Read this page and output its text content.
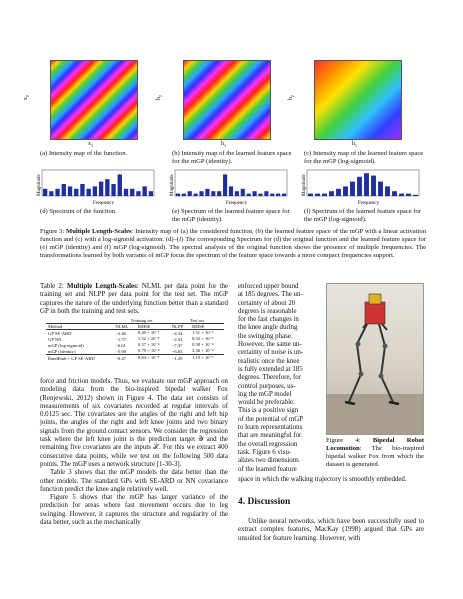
$x_2$
$x_1$
(a) Intensity map of the function.
$h_2$
$h_1$
(b) Intensity map of the learned feature space for the mGP (identity).
$h_2$
$h_1$
(c) Intensity map of the learned feature space for the mGP (log-sigmoid).
Magnitude
Frequency
(d) Spectrum of the function.
Magnitude
Frequency
(e) Spectrum of the learned feature space for the mGP (identity).
Magnitude
Frequency
(f) Spectrum of the learned feature space for the mGP (log-sigmoid).
Figure 3: Multiple Length-Scales: Intensity map of (a) the considered function, (b) the learned feature space of the mGP with a linear activation function and (c) with a log-sigmoid activation. (d)–(f) The corresponding Spectrum for (d) the original function and the learned feature space for (e) mGP (identity) and (f) mGP (log-sigmoid). The spectral analysis of the original function shows the presence of multiple frequencies. The transformations learned by both variants of mGP focus the spectrum of the feature space towards a more compact frequencies support.
Table 2: Multiple Length-Scales: NLML per data point for the training set and NLPP per data point for the test set. The mGP captures the nature of the underlying function better than a standard GP in both the training and test sets.
	Training set		Test set	
Method	NLML	RMSE	NLPP	RMSE
GP SE-ARD	−2.46	9.40 × 10⁻²	−4.34	1.51 × 10⁻¹
GP NN	−1.57	1.52 × 10⁻²	−2.53	8.32 × 10⁻²
mGP (log-sigmoid)	−6.61	0.37 × 10⁻⁴	−7.37	0.58 × 10⁻⁴
mGP (identity)	−5.60	0.79 × 10⁻⁴	−6.63	2.36 × 10⁻⁴
RandEmb + GP SE-ARD	−0.47	8.84 × 10⁻²	−1.29	1.19 × 10⁻¹
force and friction models. Thus, we evaluate our mGP approach on modeling data from the bio-inspired bipedal walker Fox (Renjewski, 2012) shown in Figure 4. The data set consists of measurements of six covariates recorded at regular intervals of 0.0125 sec. The covariates are the angles of the right and left hip joints, the angles of the right and left knee joints and two binary signals from the ground contact sensors. We consider the regression task where the left knee joint is the prediction target 𝒴 and the remaining five covariates are the inputs 𝒳. For this we extract 400 consecutive data points, while we test on the following 500 data points. The mGP uses a network structure [1-30-3].
Table 3 shows that the mGP models the data better than the other models. The standard GPs with SE-ARD or NN covariance function predict the knee angle relatively well.
Figure 5 shows that the mGP has larger variance of the prediction for areas where fast movement occurs due to leg swinging. However, it captures the structure and regularity of the data better, such as the mechanically
enforced upper bound
at 185 degrees. The un-
certainty of about 20
degrees is reasonable
for the fast changes in
the knee angle during
the swinging phase.
However, the same un-
certainty of noise is un-
realistic once the knee
is fully extended at 185
degrees. Therefore, for
control purposes, us-
ing the mGP model
would be preferable.
This is a positive sign
of the potential of mGP
to learn representations
that are meaningful for
the overall regression
task. Figure 6 visu-
alizes two dimensions
of the learned feature
Figure 4: Bipedal Robot Locomotion: The bio-inspired bipedal walker Fox from which the dataset is generated.
space in which the walking trajectory is smoothly embedded.
4. Discussion
Unlike neural networks, which have been successfully used to extract complex features, MacKay (1998) argued that GPs are unsuited for feature learning. However, with
